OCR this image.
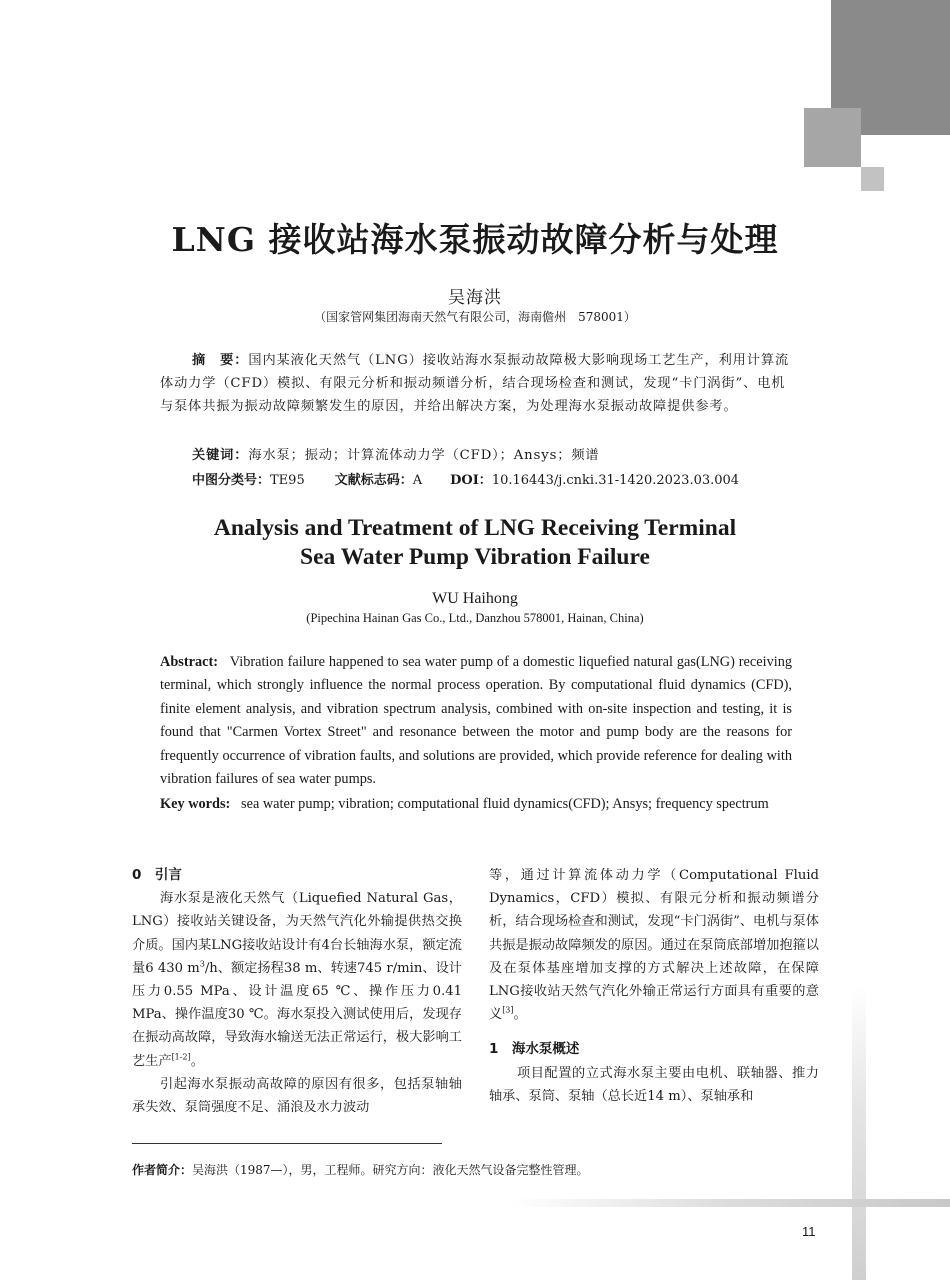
LNG 接收站海水泵振动故障分析与处理
吴海洪
（国家管网集团海南天然气有限公司，海南儋州　578001）

摘　要：国内某液化天然气（LNG）接收站海水泵振动故障极大影响现场工艺生产，利用计算流体动力学（CFD）模拟、有限元分析和振动频谱分析，结合现场检查和测试，发现“卡门涡街”、电机与泵体共振为振动故障频繁发生的原因，并给出解决方案，为处理海水泵振动故障提供参考。

关键词：海水泵；振动；计算流体动力学（CFD）；Ansys；频谱

中图分类号：TE95 文献标志码：A DOI：10.16443/j.cnki.31-1420.2023.03.004
Analysis and Treatment of LNG Receiving Terminal
Sea Water Pump Vibration Failure
WU Haihong
(Pipechina Hainan Gas Co., Ltd., Danzhou 578001, Hainan, China)

Abstract: Vibration failure happened to sea water pump of a domestic liquefied natural gas(LNG) receiving terminal, which strongly influence the normal process operation. By computational fluid dynamics (CFD), finite element analysis, and vibration spectrum analysis, combined with on-site inspection and testing, it is found that "Carmen Vortex Street" and resonance between the motor and pump body are the reasons for frequently occurrence of vibration faults, and solutions are provided, which provide reference for dealing with vibration failures of sea water pumps.

Key words: sea water pump; vibration; computational fluid dynamics(CFD); Ansys; frequency spectrum

0　引言

海水泵是液化天然气（Liquefied Natural Gas，LNG）接收站关键设备，为天然气汽化外输提供热交换介质。国内某LNG接收站设计有4台长轴海水泵，额定流量6 430 $m^3/h$、额定扬程38 m、转速745 r/min、设计压力0.55 MPa、设计温度65 ℃、操作压力0.41 MPa、操作温度30 ℃。海水泵投入测试使用后，发现存在振动高故障，导致海水输送无法正常运行，极大影响工艺生产[1-2]。

引起海水泵振动高故障的原因有很多，包括泵轴轴承失效、泵筒强度不足、涌浪及水力波动

等，通过计算流体动力学（Computational Fluid Dynamics，CFD）模拟、有限元分析和振动频谱分析，结合现场检查和测试，发现“卡门涡街”、电机与泵体共振是振动故障频发的原因。通过在泵筒底部增加抱箍以及在泵体基座增加支撑的方式解决上述故障，在保障LNG接收站天然气汽化外输正常运行方面具有重要的意义[3]。

1　海水泵概述

项目配置的立式海水泵主要由电机、联轴器、推力轴承、泵筒、泵轴（总长近14 m）、泵轴承和

作者简介：吴海洪（1987—），男，工程师。研究方向：液化天然气设备完整性管理。
11
